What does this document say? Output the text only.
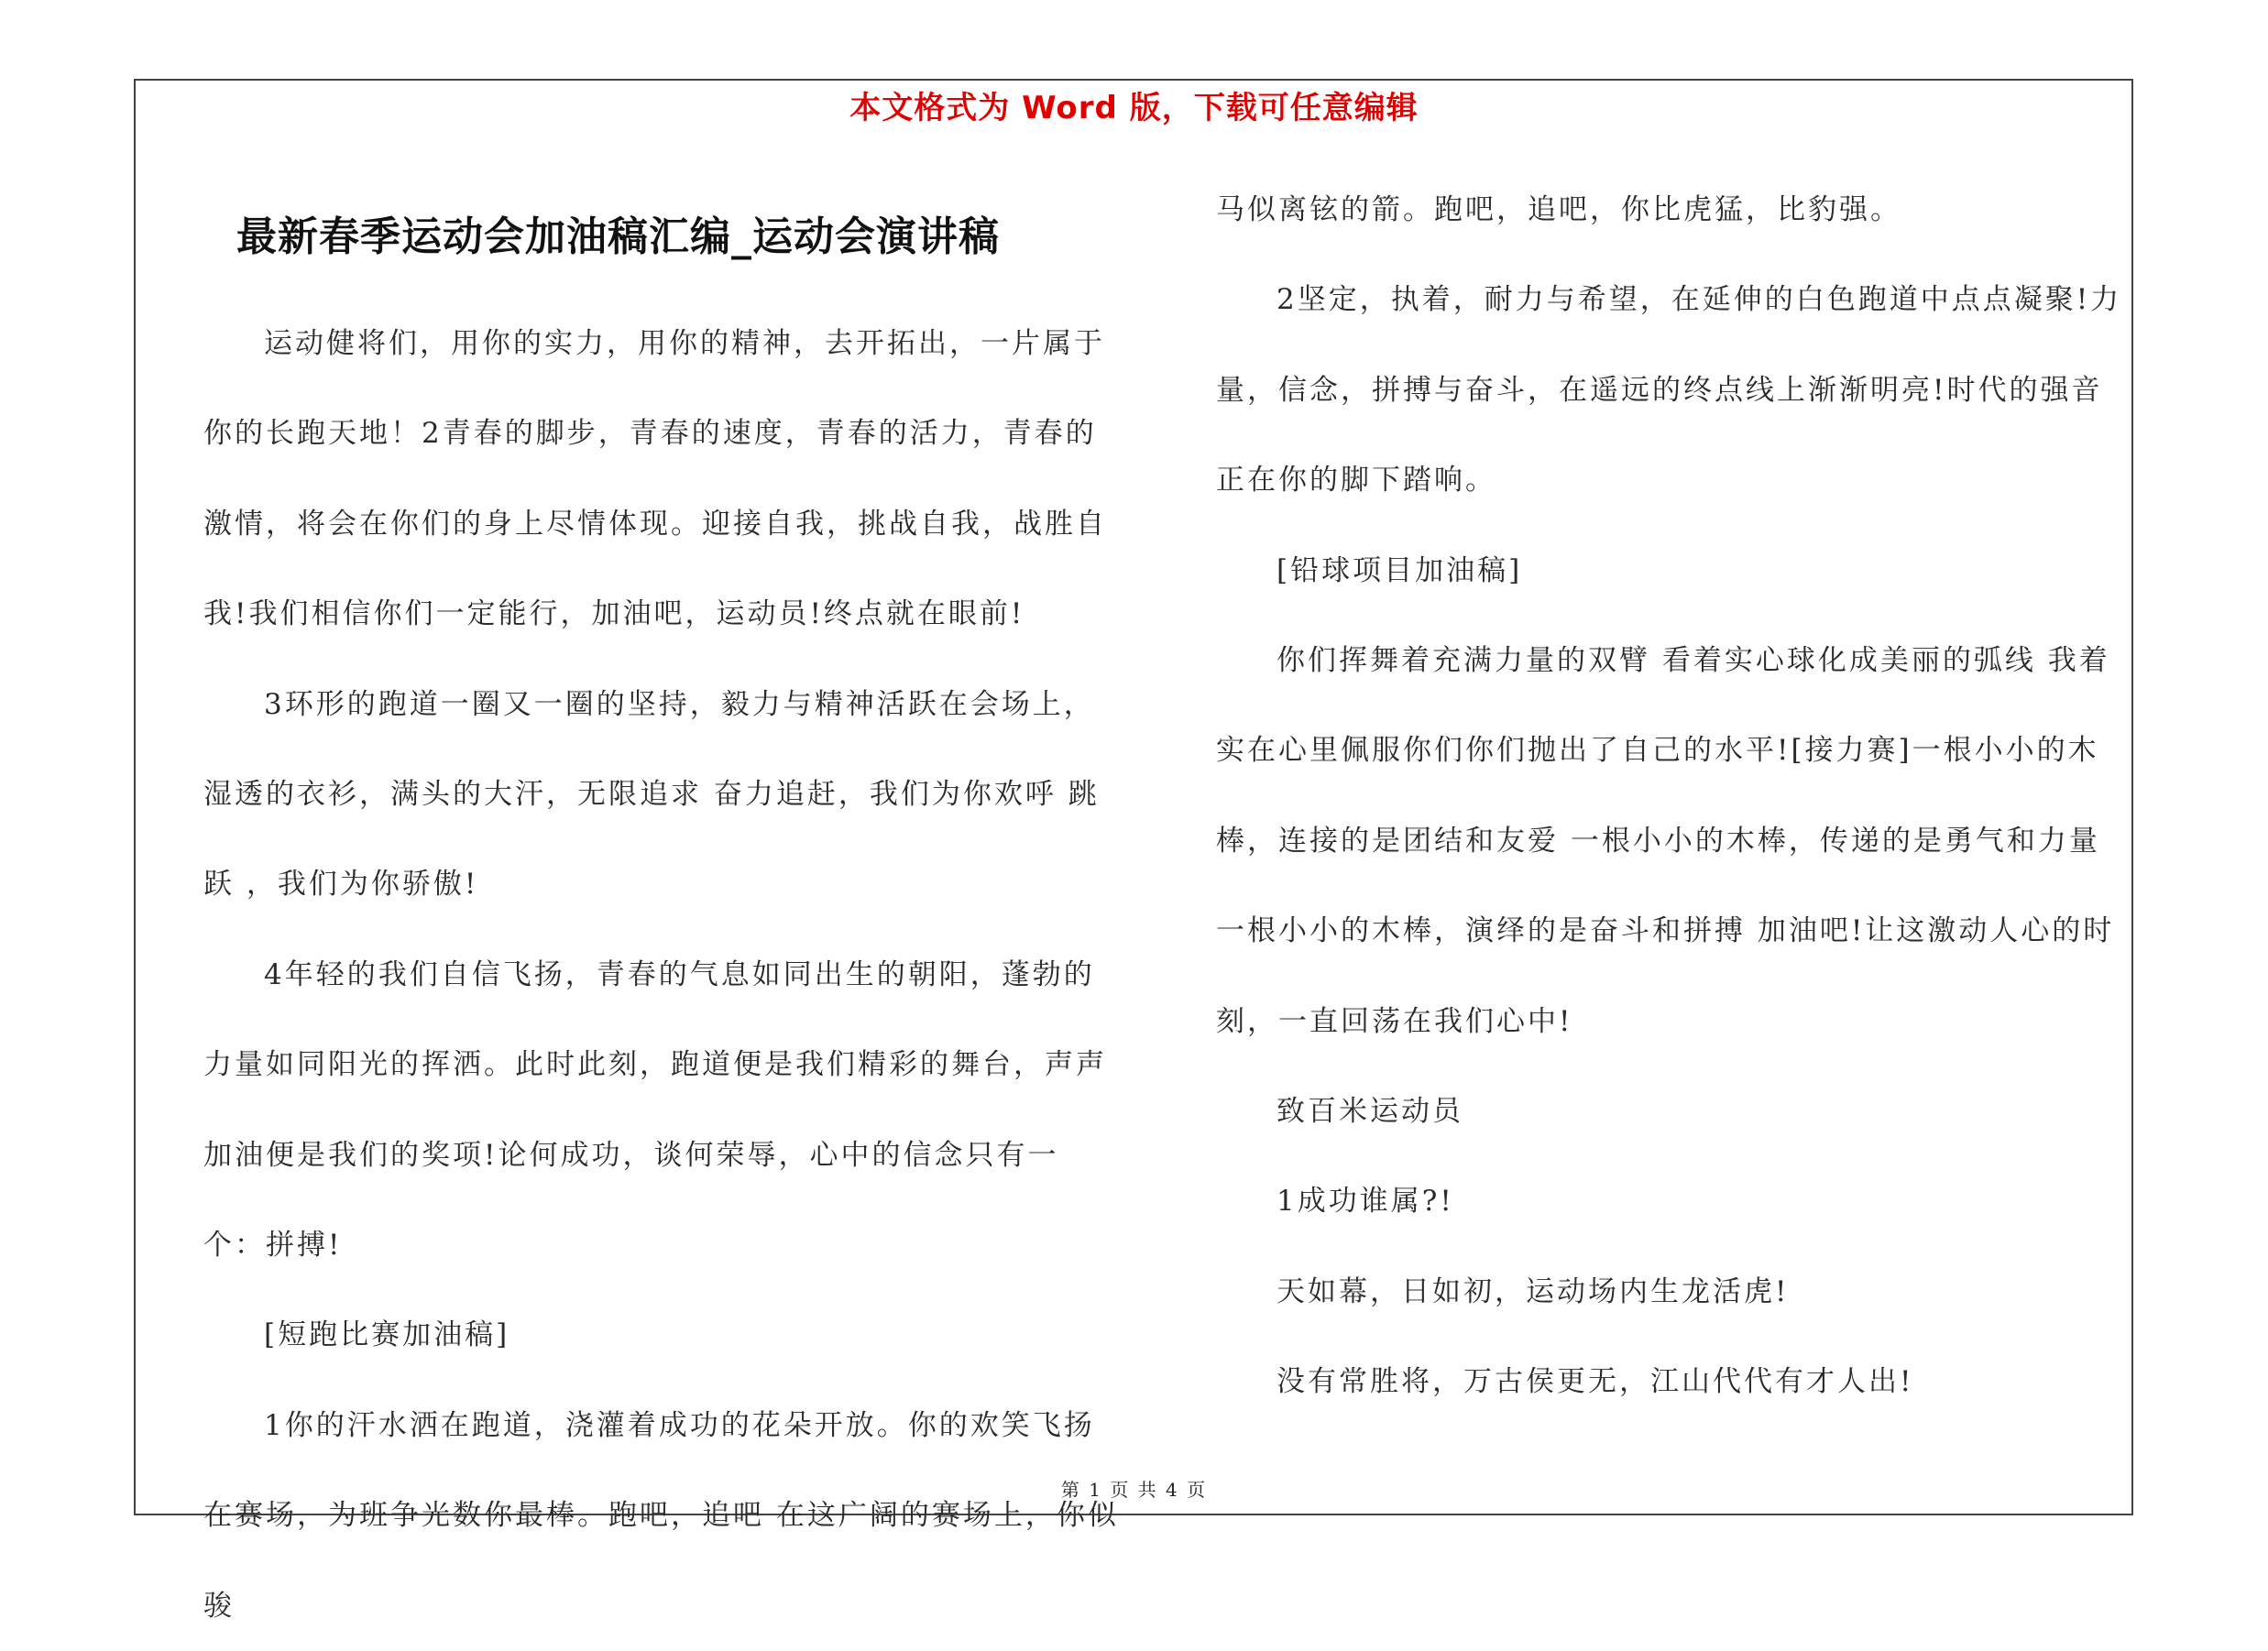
本文格式为 Word 版，下载可任意编辑
最新春季运动会加油稿汇编_运动会演讲稿

运动健将们，用你的实力，用你的精神，去开拓出，一片属于你的长跑天地！2青春的脚步，青春的速度，青春的活力，青春的激情，将会在你们的身上尽情体现。迎接自我，挑战自我，战胜自我!我们相信你们一定能行，加油吧，运动员!终点就在眼前!

3环形的跑道一圈又一圈的坚持，毅力与精神活跃在会场上，湿透的衣衫，满头的大汗，无限追求 奋力追赶，我们为你欢呼 跳跃 ，我们为你骄傲!

4年轻的我们自信飞扬，青春的气息如同出生的朝阳，蓬勃的力量如同阳光的挥洒。此时此刻，跑道便是我们精彩的舞台，声声加油便是我们的奖项!论何成功，谈何荣辱，心中的信念只有一个：拼搏!

[短跑比赛加油稿]

1你的汗水洒在跑道，浇灌着成功的花朵开放。你的欢笑飞扬在赛场，为班争光数你最棒。跑吧，追吧 在这广阔的赛场上，你似骏

马似离铉的箭。跑吧，追吧，你比虎猛，比豹强。

2坚定，执着，耐力与希望，在延伸的白色跑道中点点凝聚!力量，信念，拼搏与奋斗，在遥远的终点线上渐渐明亮!时代的强音正在你的脚下踏响。

[铅球项目加油稿]

你们挥舞着充满力量的双臂 看着实心球化成美丽的弧线 我着实在心里佩服你们你们抛出了自己的水平![接力赛]一根小小的木棒，连接的是团结和友爱 一根小小的木棒，传递的是勇气和力量 一根小小的木棒，演绎的是奋斗和拼搏 加油吧!让这激动人心的时刻，一直回荡在我们心中!

致百米运动员

1成功谁属?!

天如幕，日如初，运动场内生龙活虎!

没有常胜将，万古侯更无，江山代代有才人出!

第 1 页 共 4 页
